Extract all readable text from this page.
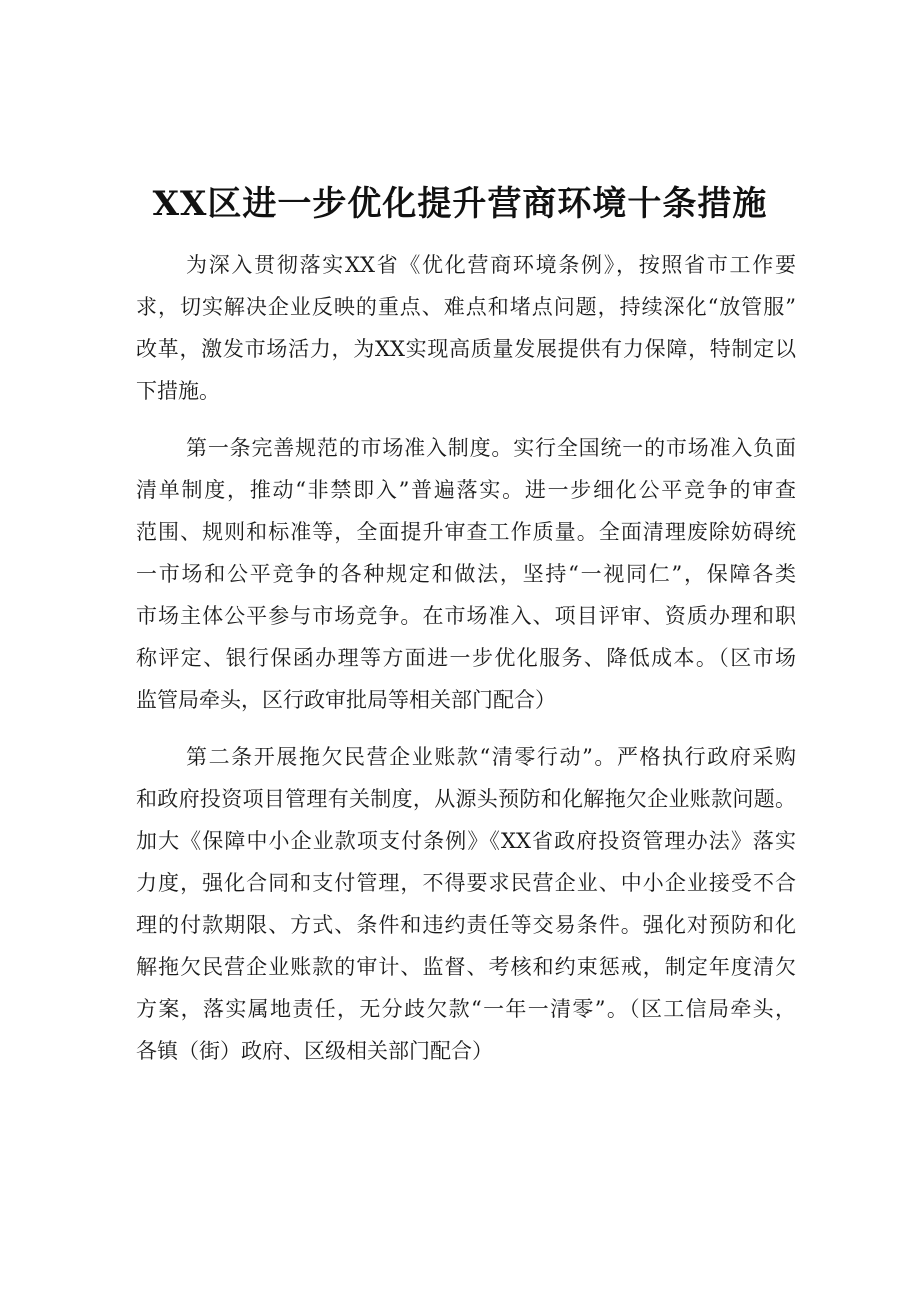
XX区进一步优化提升营商环境十条措施
为深入贯彻落实XX省《优化营商环境条例》，按照省市工作要
求，切实解决企业反映的重点、难点和堵点问题，持续深化“放管服”
改革，激发市场活力，为XX实现高质量发展提供有力保障，特制定以
下措施。
第一条完善规范的市场准入制度。实行全国统一的市场准入负面
清单制度，推动“非禁即入”普遍落实。进一步细化公平竞争的审查
范围、规则和标准等，全面提升审查工作质量。全面清理废除妨碍统
一市场和公平竞争的各种规定和做法，坚持“一视同仁”，保障各类
市场主体公平参与市场竞争。在市场准入、项目评审、资质办理和职
称评定、银行保函办理等方面进一步优化服务、降低成本。（区市场
监管局牵头，区行政审批局等相关部门配合）
第二条开展拖欠民营企业账款“清零行动”。严格执行政府采购
和政府投资项目管理有关制度，从源头预防和化解拖欠企业账款问题。
加大《保障中小企业款项支付条例》《XX省政府投资管理办法》落实
力度，强化合同和支付管理，不得要求民营企业、中小企业接受不合
理的付款期限、方式、条件和违约责任等交易条件。强化对预防和化
解拖欠民营企业账款的审计、监督、考核和约束惩戒，制定年度清欠
方案，落实属地责任，无分歧欠款“一年一清零”。（区工信局牵头，
各镇（街）政府、区级相关部门配合）
